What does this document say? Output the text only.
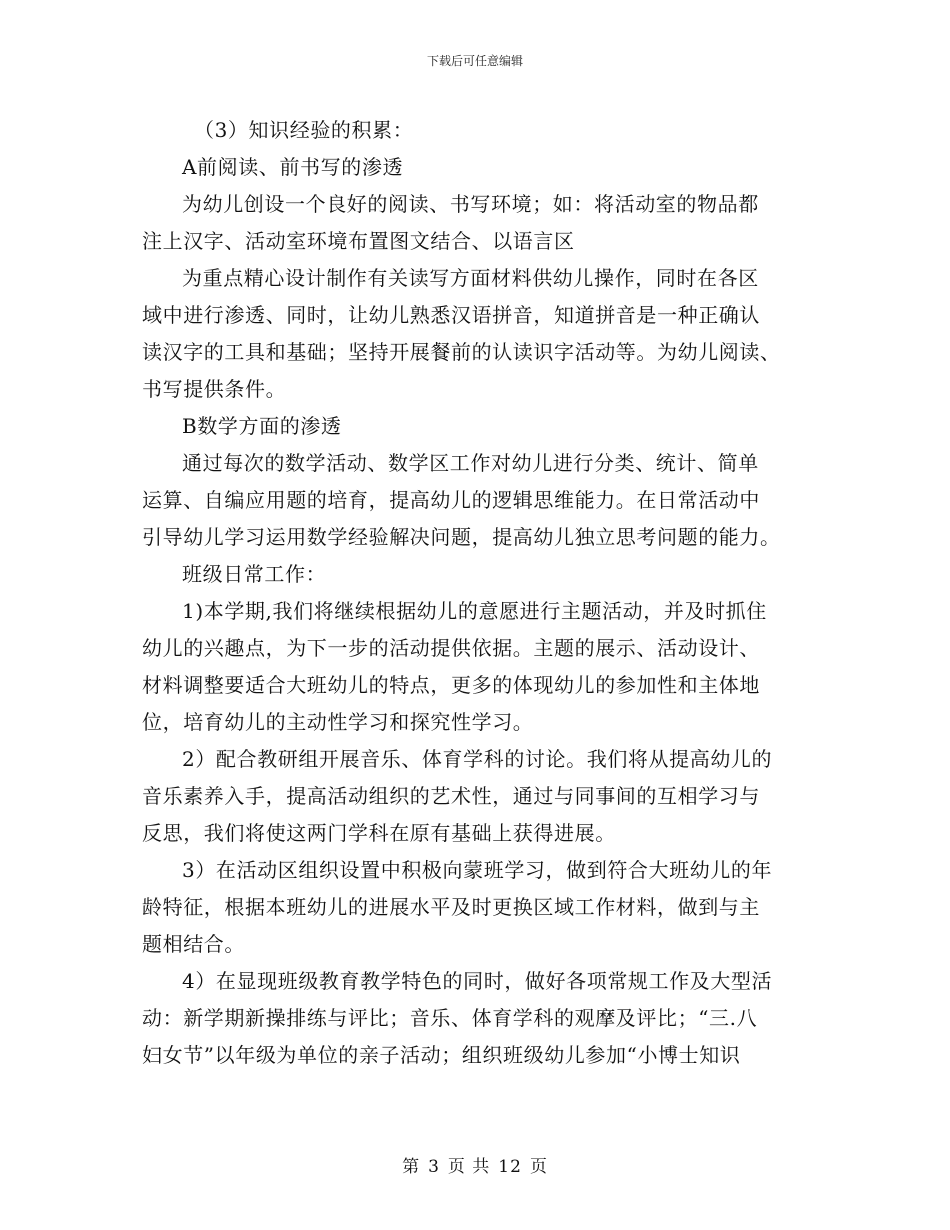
下载后可任意编辑
（3）知识经验的积累：
A前阅读、前书写的渗透
为幼儿创设一个良好的阅读、书写环境；如：将活动室的物品都
注上汉字、活动室环境布置图文结合、以语言区
为重点精心设计制作有关读写方面材料供幼儿操作，同时在各区
域中进行渗透、同时，让幼儿熟悉汉语拼音，知道拼音是一种正确认
读汉字的工具和基础；坚持开展餐前的认读识字活动等。为幼儿阅读、
书写提供条件。
B数学方面的渗透
通过每次的数学活动、数学区工作对幼儿进行分类、统计、简单
运算、自编应用题的培育，提高幼儿的逻辑思维能力。在日常活动中
引导幼儿学习运用数学经验解决问题，提高幼儿独立思考问题的能力。
班级日常工作：
1)本学期,我们将继续根据幼儿的意愿进行主题活动，并及时抓住
幼儿的兴趣点，为下一步的活动提供依据。主题的展示、活动设计、
材料调整要适合大班幼儿的特点，更多的体现幼儿的参加性和主体地
位，培育幼儿的主动性学习和探究性学习。
2）配合教研组开展音乐、体育学科的讨论。我们将从提高幼儿的
音乐素养入手，提高活动组织的艺术性，通过与同事间的互相学习与
反思，我们将使这两门学科在原有基础上获得进展。
3）在活动区组织设置中积极向蒙班学习，做到符合大班幼儿的年
龄特征，根据本班幼儿的进展水平及时更换区域工作材料，做到与主
题相结合。
4）在显现班级教育教学特色的同时，做好各项常规工作及大型活
动：新学期新操排练与评比；音乐、体育学科的观摩及评比；“三.八
妇女节”以年级为单位的亲子活动；组织班级幼儿参加“小博士知识
第 3 页 共 12 页
